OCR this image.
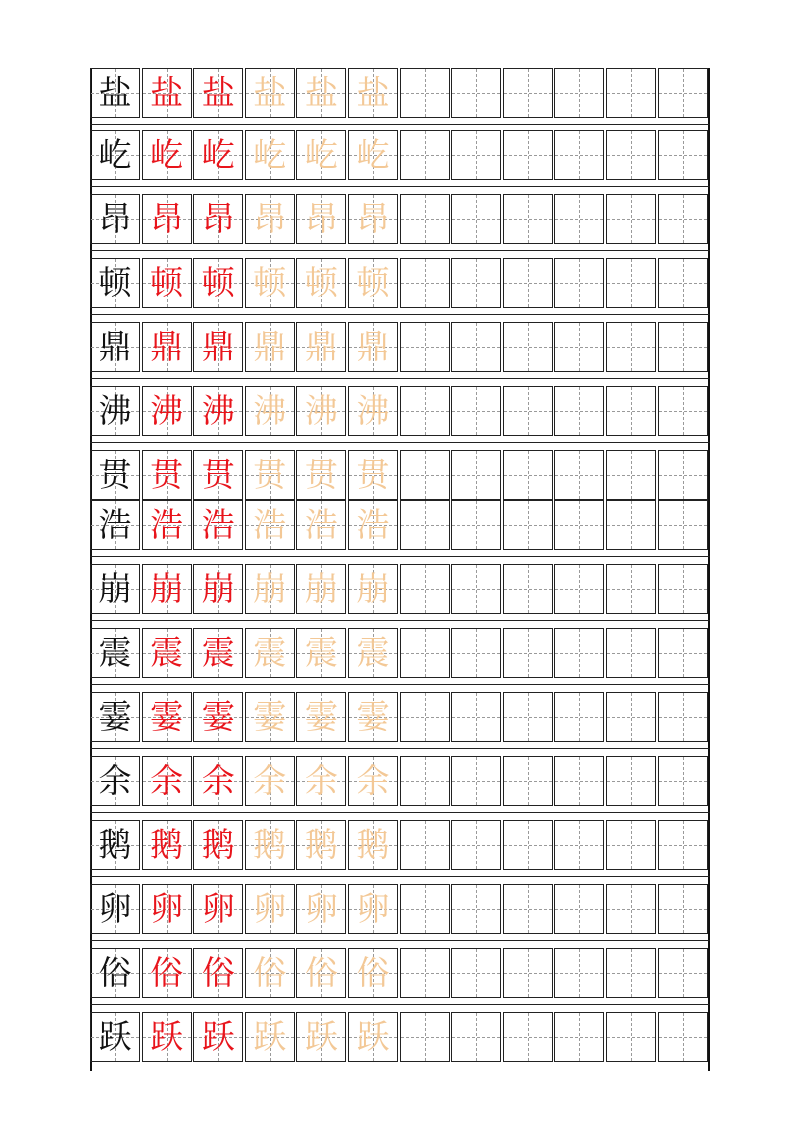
盐 盐 盐 盐 盐 盐
屹 屹 屹 屹 屹 屹
昂 昂 昂 昂 昂 昂
顿 顿 顿 顿 顿 顿
鼎 鼎 鼎 鼎 鼎 鼎
沸 沸 沸 沸 沸 沸
贯 贯 贯 贯 贯 贯
浩 浩 浩 浩 浩 浩
崩 崩 崩 崩 崩 崩
震 震 震 震 震 震
霎 霎 霎 霎 霎 霎
余 余 余 余 余 余
鹅 鹅 鹅 鹅 鹅 鹅
卵 卵 卵 卵 卵 卵
俗 俗 俗 俗 俗 俗
跃 跃 跃 跃 跃 跃
